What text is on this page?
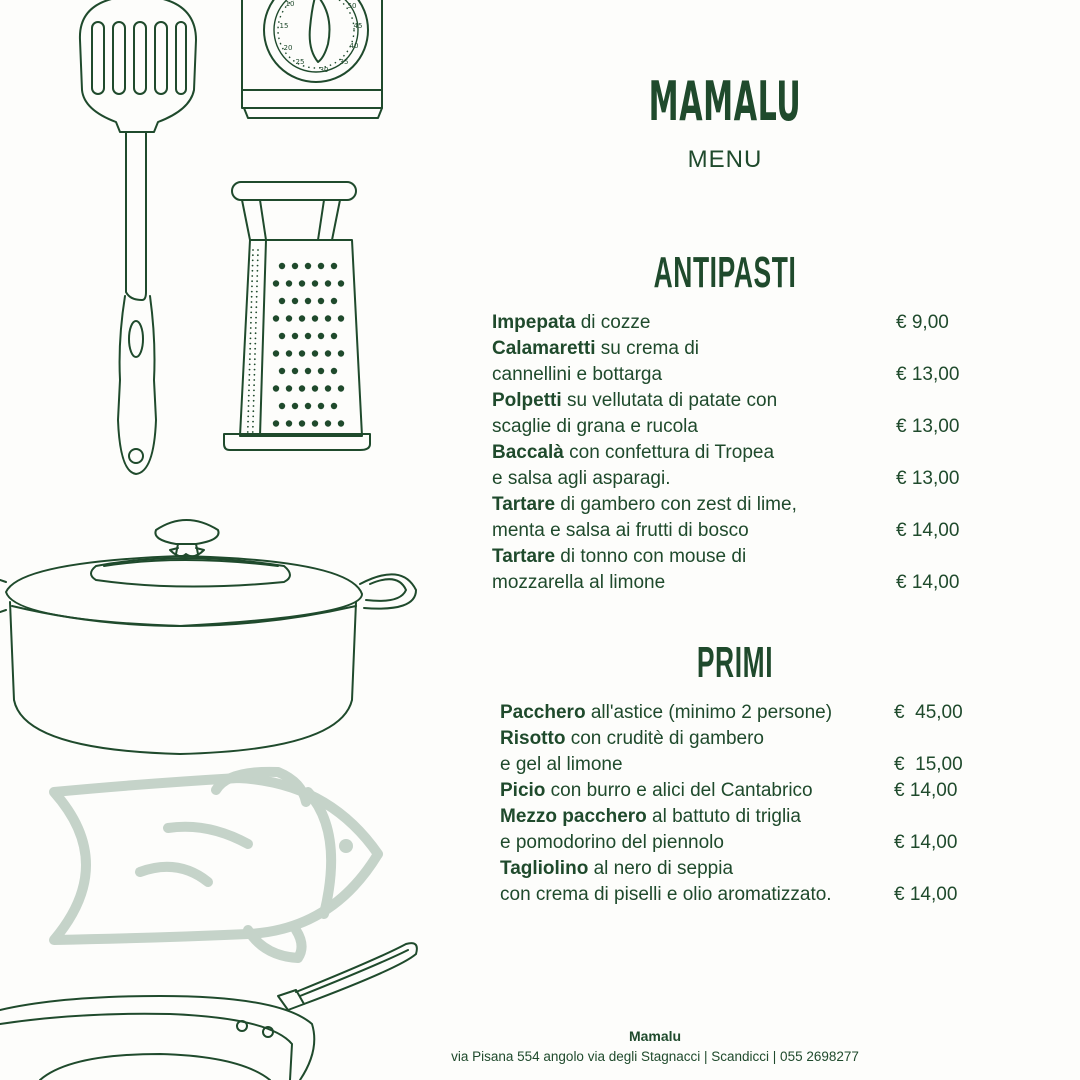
10
15
20
25
30
35
40
45
50
MAMALU
MENU
ANTIPASTI
Impepata di cozze	€ 9,00
Calamaretti su crema di
cannellini e bottarga	€ 13,00
Polpetti su vellutata di patate con
scaglie di grana e rucola	€ 13,00
Baccalà con confettura di Tropea
e salsa agli asparagi.	€ 13,00
Tartare di gambero con zest di lime,
menta e salsa ai frutti di bosco	€ 14,00
Tartare di tonno con mouse di
mozzarella al limone	€ 14,00
PRIMI
Pacchero all'astice (minimo 2 persone)	€  45,00
Risotto con cruditè di gambero
e gel al limone	€  15,00
Picio con burro e alici del Cantabrico	€ 14,00
Mezzo pacchero al battuto di triglia
e pomodorino del piennolo	€ 14,00
Tagliolino al nero di seppia
con crema di piselli e olio aromatizzato.	€ 14,00
Mamalu
via Pisana 554 angolo via degli Stagnacci | Scandicci | 055 2698277
